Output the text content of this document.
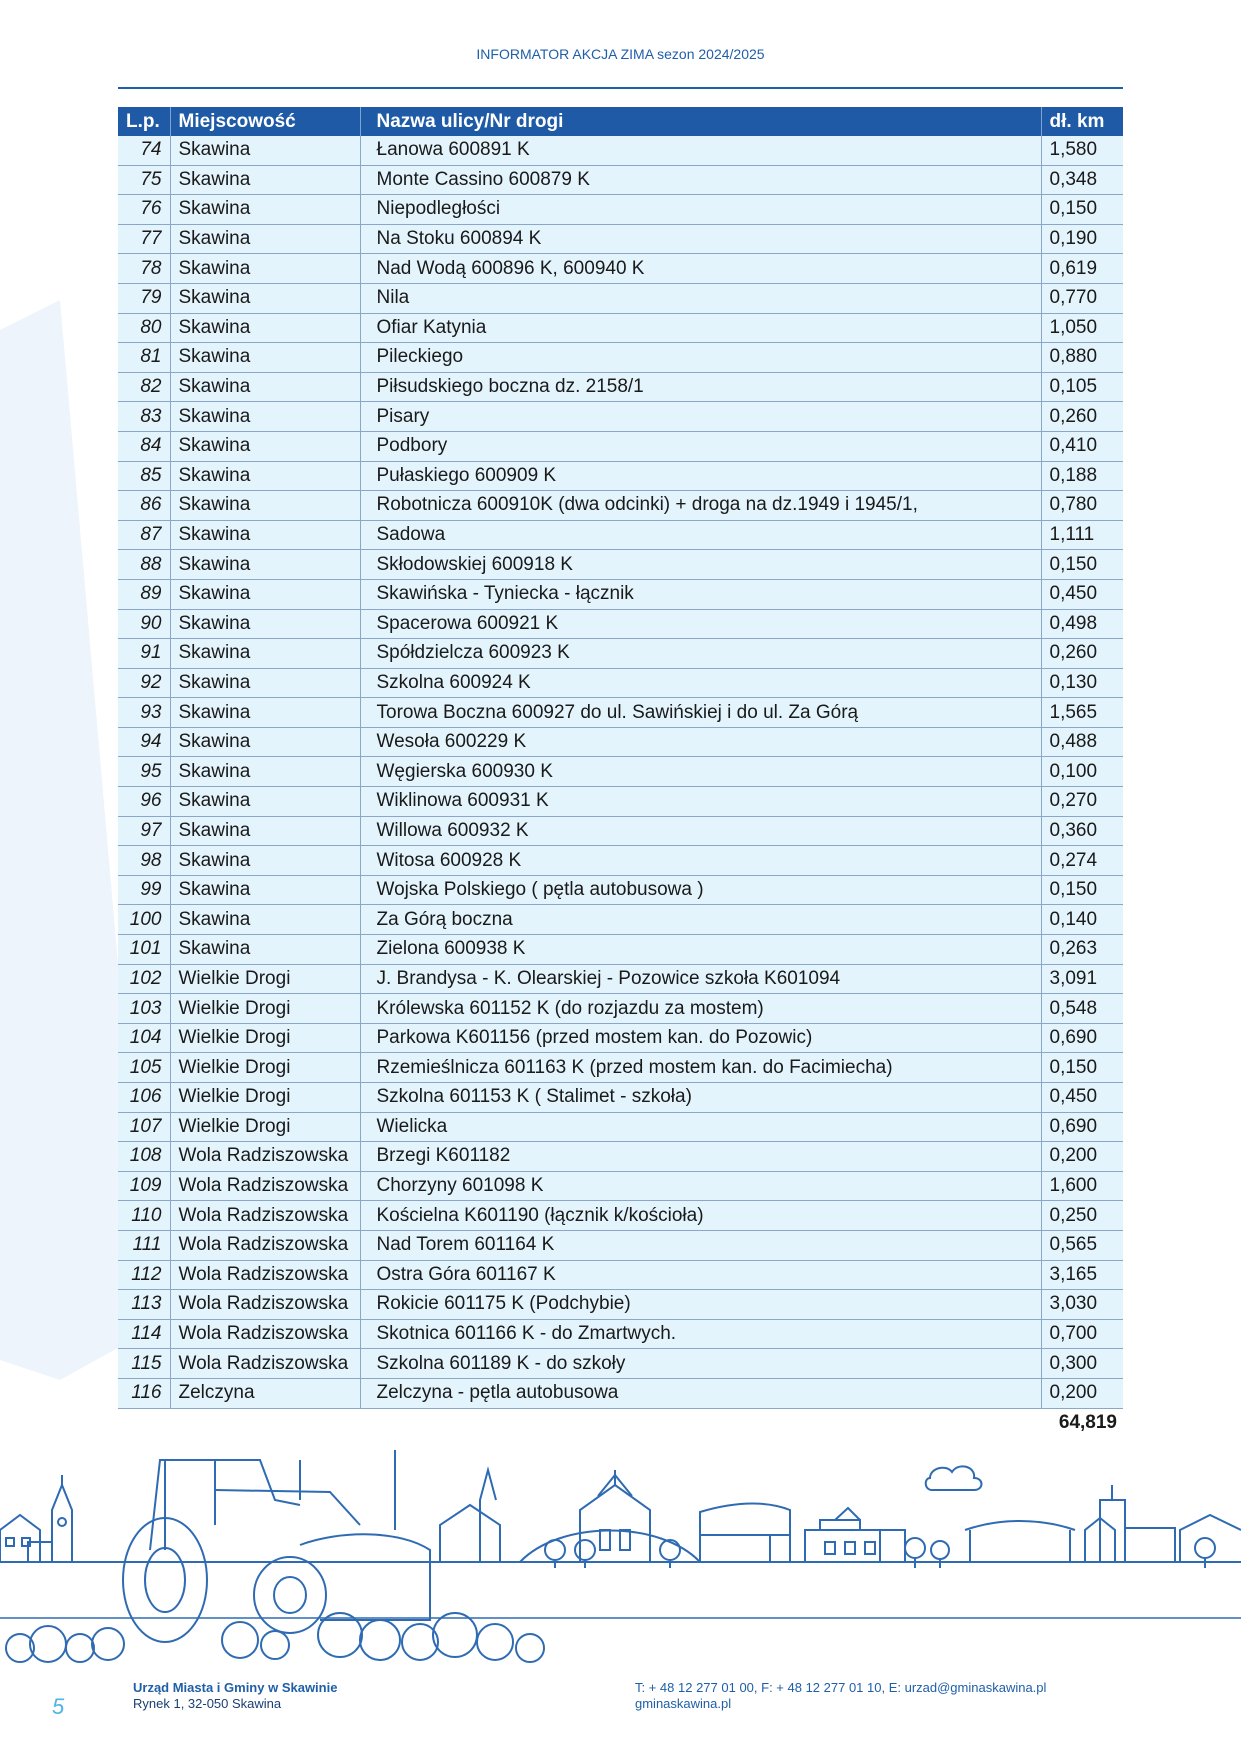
INFORMATOR AKCJA ZIMA sezon 2024/2025
L.p.	Miejscowość	Nazwa ulicy/Nr drogi	dł. km
74	Skawina	Łanowa 600891 K	1,580
75	Skawina	Monte Cassino 600879 K	0,348
76	Skawina	Niepodległości	0,150
77	Skawina	Na Stoku 600894 K	0,190
78	Skawina	Nad Wodą 600896 K, 600940 K	0,619
79	Skawina	Nila	0,770
80	Skawina	Ofiar Katynia	1,050
81	Skawina	Pileckiego	0,880
82	Skawina	Piłsudskiego boczna dz. 2158/1	0,105
83	Skawina	Pisary	0,260
84	Skawina	Podbory	0,410
85	Skawina	Pułaskiego 600909 K	0,188
86	Skawina	Robotnicza 600910K (dwa odcinki) + droga na dz.1949 i 1945/1,	0,780
87	Skawina	Sadowa	1,111
88	Skawina	Skłodowskiej 600918 K	0,150
89	Skawina	Skawińska - Tyniecka - łącznik	0,450
90	Skawina	Spacerowa 600921 K	0,498
91	Skawina	Spółdzielcza 600923 K	0,260
92	Skawina	Szkolna 600924 K	0,130
93	Skawina	Torowa Boczna 600927 do ul. Sawińskiej i do ul. Za Górą	1,565
94	Skawina	Wesoła 600229 K	0,488
95	Skawina	Węgierska 600930 K	0,100
96	Skawina	Wiklinowa 600931 K	0,270
97	Skawina	Willowa 600932 K	0,360
98	Skawina	Witosa 600928 K	0,274
99	Skawina	Wojska Polskiego ( pętla autobusowa )	0,150
100	Skawina	Za Górą boczna	0,140
101	Skawina	Zielona 600938 K	0,263
102	Wielkie Drogi	J. Brandysa - K. Olearskiej - Pozowice szkoła K601094	3,091
103	Wielkie Drogi	Królewska 601152 K (do rozjazdu za mostem)	0,548
104	Wielkie Drogi	Parkowa K601156 (przed mostem kan. do Pozowic)	0,690
105	Wielkie Drogi	Rzemieślnicza 601163 K (przed mostem kan. do Facimiecha)	0,150
106	Wielkie Drogi	Szkolna 601153 K ( Stalimet - szkoła)	0,450
107	Wielkie Drogi	Wielicka	0,690
108	Wola Radziszowska	Brzegi K601182	0,200
109	Wola Radziszowska	Chorzyny 601098 K	1,600
110	Wola Radziszowska	Kościelna K601190 (łącznik k/kościoła)	0,250
111	Wola Radziszowska	Nad Torem 601164 K	0,565
112	Wola Radziszowska	Ostra Góra 601167 K	3,165
113	Wola Radziszowska	Rokicie 601175 K (Podchybie)	3,030
114	Wola Radziszowska	Skotnica 601166 K - do Zmartwych.	0,700
115	Wola Radziszowska	Szkolna 601189 K - do szkoły	0,300
116	Zelczyna	Zelczyna - pętla autobusowa	0,200
			64,819
Urząd Miasta i Gminy w Skawinie
Rynek 1, 32-050 Skawina
T: + 48 12 277 01 00, F: + 48 12 277 01 10, E: urzad@gminaskawina.pl
gminaskawina.pl
5
